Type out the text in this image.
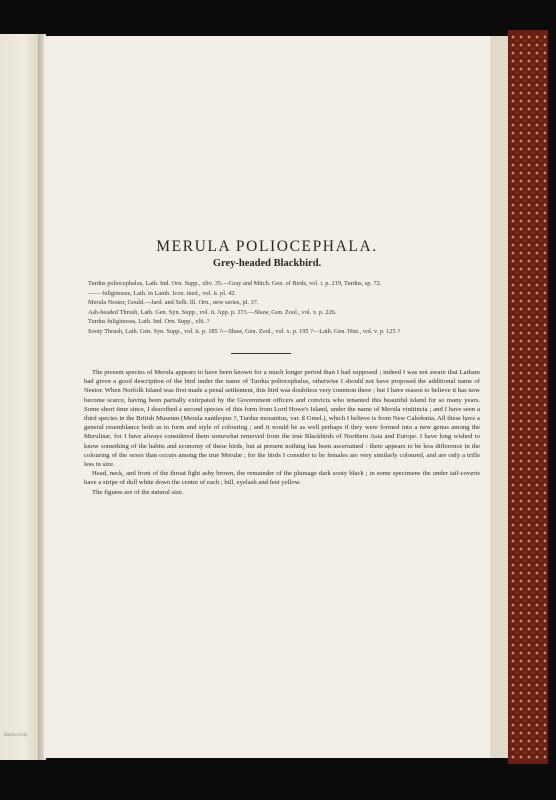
Biodiversity
MERULA POLIOCEPHALA.
Grey-headed Blackbird.
Turdus poliocephalus, Lath. Ind. Orn. Supp., xliv. 35.—Gray and Mitch. Gen. of Birds, vol. i. p. 219, Turdus, sp. 72.
—— fuliginosus, Lath. in Lamb. Icon. ined., vol. ii. pl. 42.
Merula Nestor, Gould.—Jard. and Selb. Ill. Orn., new series, pl. 37.
Ash-headed Thrush, Lath. Gen. Syn. Supp., vol. ii. App. p. 373.—Shaw, Gen. Zool., vol. x. p. 226.
Turdus fuliginosus, Lath. Ind. Orn. Supp., xlii. ?
Sooty Thrush, Lath. Gen. Syn. Supp., vol. ii. p. 185 ?—Shaw, Gen. Zool., vol. x. p. 195 ?—Lath. Gen. Hist., vol. v. p. 125 ?

The present species of Merula appears to have been known for a much longer period than I had supposed ; indeed I was not aware that Latham had given a good description of the bird under the name of Turdus poliocephalus, otherwise I should not have proposed the additional name of Nestor. When Norfolk Island was first made a penal settlement, this bird was doubtless very common there ; but I have reason to believe it has now become scarce, having been partially extirpated by the Government officers and convicts who tenanted this beautiful island for so many years. Some short time since, I described a second species of this form from Lord Howe's Island, under the name of Merula vinitincta ; and I have seen a third species in the British Museum (Merula xanthopus ?, Turdus moranitus, var. ß Gmel.), which I believe is from New Caledonia. All these have a general resemblance both as to form and style of colouring ; and it would be as well perhaps if they were formed into a new genus among the Merulinæ, for I have always considered them somewhat removed from the true Blackbirds of Northern Asia and Europe. I have long wished to know something of the habits and economy of these birds, but at present nothing has been ascertained : there appears to be less difference in the colouring of the sexes than occurs among the true Merulæ ; for the birds I consider to be females are very similarly coloured, and are only a trifle less in size.

Head, neck, and front of the throat light ashy brown, the remainder of the plumage dark sooty black ; in some specimens the under tail-coverts have a stripe of dull white down the centre of each ; bill, eyelash and feet yellow.

The figures are of the natural size.
